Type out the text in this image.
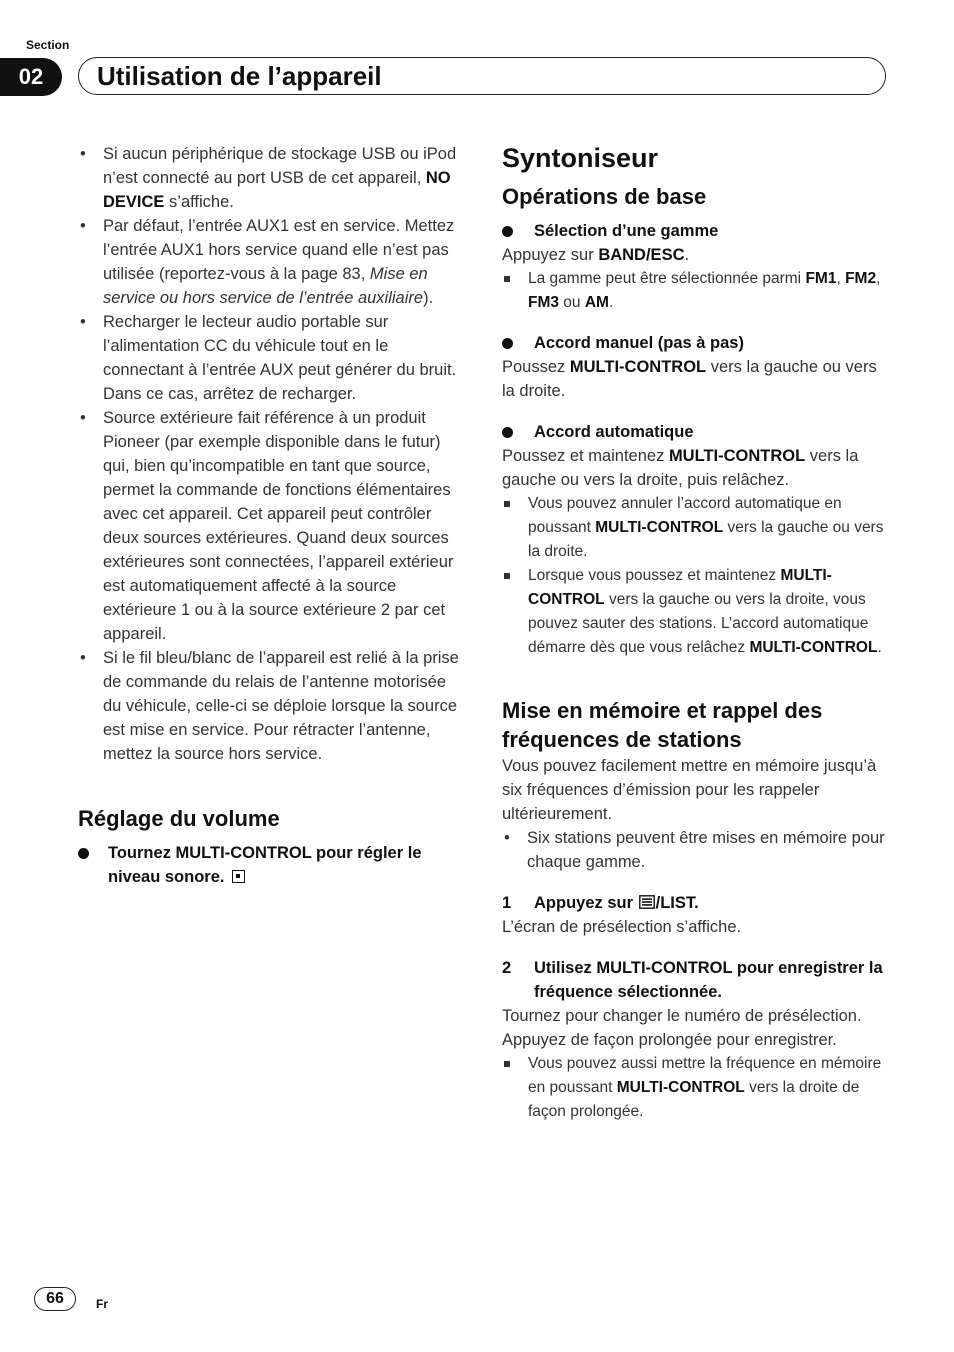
Section
02	Utilisation de l’appareil
• Si aucun périphérique de stockage USB ou iPod n’est connecté au port USB de cet appareil, NO DEVICE s’affiche.
• Par défaut, l’entrée AUX1 est en service. Mettez l’entrée AUX1 hors service quand elle n’est pas utilisée (reportez-vous à la page 83, Mise en service ou hors service de l’entrée auxiliaire).
• Recharger le lecteur audio portable sur l’alimentation CC du véhicule tout en le connectant à l’entrée AUX peut générer du bruit. Dans ce cas, arrêtez de recharger.
• Source extérieure fait référence à un produit Pioneer (par exemple disponible dans le futur) qui, bien qu’incompatible en tant que source, permet la commande de fonctions élémentaires avec cet appareil. Cet appareil peut contrôler deux sources extérieures. Quand deux sources extérieures sont connectées, l’appareil extérieur est automatiquement affecté à la source extérieure 1 ou à la source extérieure 2 par cet appareil.
• Si le fil bleu/blanc de l’appareil est relié à la prise de commande du relais de l’antenne motorisée du véhicule, celle-ci se déploie lorsque la source est mise en service. Pour rétracter l’antenne, mettez la source hors service.
Réglage du volume
Tournez MULTI-CONTROL pour régler le niveau sonore.
Syntoniseur
Opérations de base
Sélection d’une gamme
Appuyez sur BAND/ESC.
La gamme peut être sélectionnée parmi FM1, FM2, FM3 ou AM.
Accord manuel (pas à pas)
Poussez MULTI-CONTROL vers la gauche ou vers la droite.
Accord automatique
Poussez et maintenez MULTI-CONTROL vers la gauche ou vers la droite, puis relâchez.
Vous pouvez annuler l’accord automatique en poussant MULTI-CONTROL vers la gauche ou vers la droite.
Lorsque vous poussez et maintenez MULTI-CONTROL vers la gauche ou vers la droite, vous pouvez sauter des stations. L’accord automatique démarre dès que vous relâchez MULTI-CONTROL.
Mise en mémoire et rappel des fréquences de stations
Vous pouvez facilement mettre en mémoire jusqu’à six fréquences d’émission pour les rappeler ultérieurement.
• Six stations peuvent être mises en mémoire pour chaque gamme.
1 Appuyez sur /LIST.
L’écran de présélection s’affiche.
2 Utilisez MULTI-CONTROL pour enregistrer la fréquence sélectionnée.
Tournez pour changer le numéro de présélection. Appuyez de façon prolongée pour enregistrer.
Vous pouvez aussi mettre la fréquence en mémoire en poussant MULTI-CONTROL vers la droite de façon prolongée.
66	Fr
